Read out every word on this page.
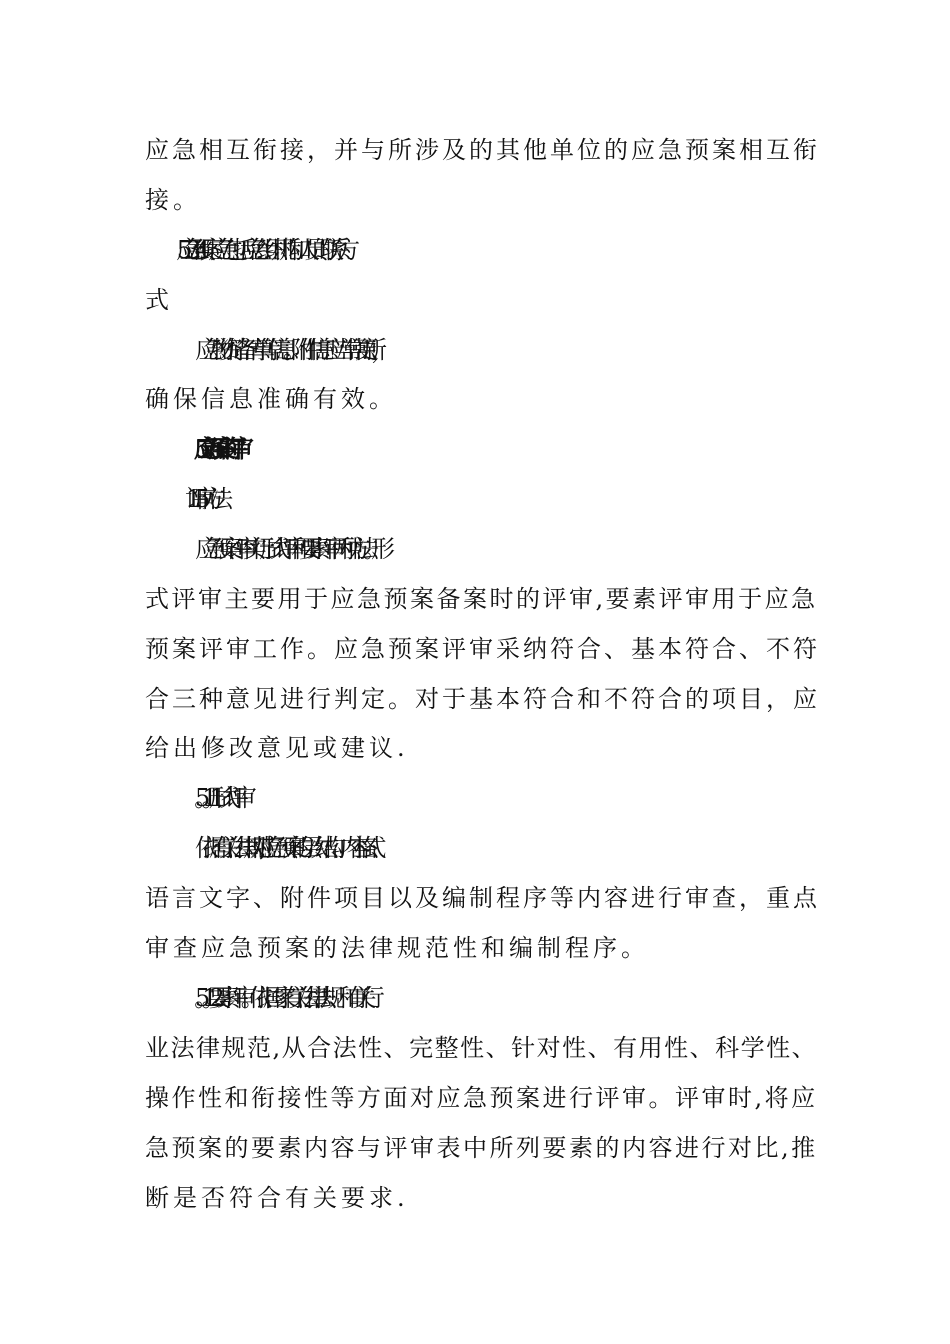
应急相互衔接，并与所涉及的其他单位的应急预案相互衔
接。
4.3.5应急预案应急包括应急组织机构和人员的联系方
式
应急物资储备清单等信息。附件信息应当常常更新，
确保信息准确有效。
5应急预案的评审
5.1评审方法
应急预案评审实行形式评审和要素评审两种方法。形
式评审主要用于应急预案备案时的评审,要素评审用于应急
预案评审工作。应急预案评审采纳符合、基本符合、不符
合三种意见进行判定。对于基本符合和不符合的项目，应
给出修改意见或建议.
5。1。1形式评审
依据有关法律规范,对应急预案的层次结构、内容格式、
语言文字、附件项目以及编制程序等内容进行审查，重点
审查应急预案的法律规范性和编制程序。
5。1。2要素评审。依据国家有关法律法规、和有关行
业法律规范,从合法性、完整性、针对性、有用性、科学性、
操作性和衔接性等方面对应急预案进行评审。评审时,将应
急预案的要素内容与评审表中所列要素的内容进行对比,推
断是否符合有关要求.
